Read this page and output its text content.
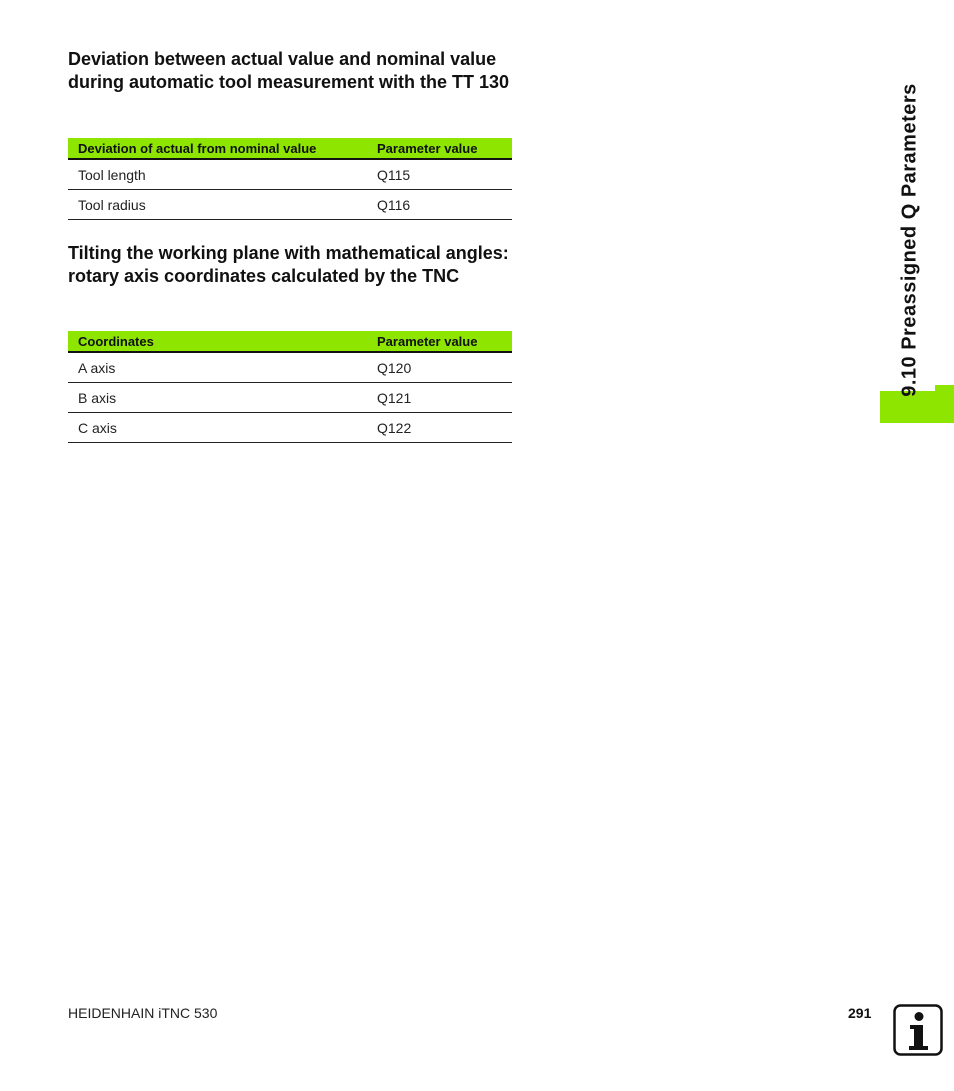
Deviation between actual value and nominal value during automatic tool measurement with the TT 130
Deviation of actual from nominal value	Parameter value
Tool length	Q115
Tool radius	Q116
Tilting the working plane with mathematical angles: rotary axis coordinates calculated by the TNC
Coordinates	Parameter value
A axis	Q120
B axis	Q121
C axis	Q122
9.10 Preassigned Q Parameters
HEIDENHAIN iTNC 530	291
